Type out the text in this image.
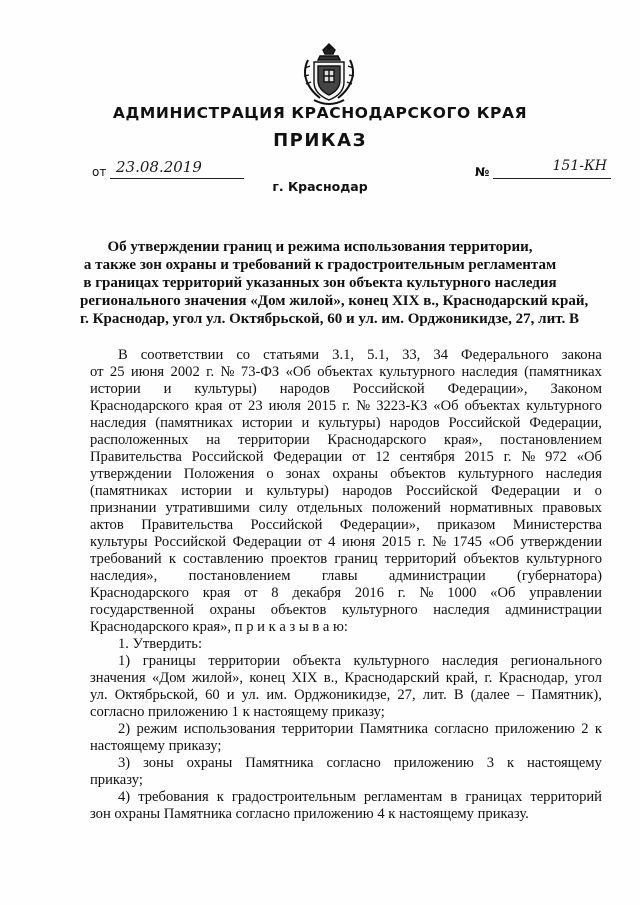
АДМИНИСТРАЦИЯ КРАСНОДАРСКОГО КРАЯ
ПРИКАЗ
от 23.08.2019	№	151-КН
г. Краснодар
Об утверждении границ и режима использования территории,
а также зон охраны и требований к градостроительным регламентам
в границах территорий указанных зон объекта культурного наследия
регионального значения «Дом жилой», конец XIX в., Краснодарский край,
г. Краснодар, угол ул. Октябрьской, 60 и ул. им. Орджоникидзе, 27, лит. В
В соответствии со статьями 3.1, 5.1, 33, 34 Федерального закона
от 25 июня 2002 г. № 73-ФЗ «Об объектах культурного наследия (памятниках
истории и культуры) народов Российской Федерации», Законом
Краснодарского края от 23 июля 2015 г. № 3223-КЗ «Об объектах культурного
наследия (памятниках истории и культуры) народов Российской Федерации,
расположенных на территории Краснодарского края», постановлением
Правительства Российской Федерации от 12 сентября 2015 г. № 972 «Об
утверждении Положения о зонах охраны объектов культурного наследия
(памятниках истории и культуры) народов Российской Федерации и о
признании утратившими силу отдельных положений нормативных правовых
актов Правительства Российской Федерации», приказом Министерства
культуры Российской Федерации от 4 июня 2015 г. № 1745 «Об утверждении
требований к составлению проектов границ территорий объектов культурного
наследия», постановлением главы администрации (губернатора)
Краснодарского края от 8 декабря 2016 г. № 1000 «Об управлении
государственной охраны объектов культурного наследия администрации
Краснодарского края», п р и к а з ы в а ю:
1. Утвердить:
1) границы территории объекта культурного наследия регионального
значения «Дом жилой», конец XIX в., Краснодарский край, г. Краснодар, угол
ул. Октябрьской, 60 и ул. им. Орджоникидзе, 27, лит. В (далее – Памятник),
согласно приложению 1 к настоящему приказу;
2) режим использования территории Памятника согласно приложению 2 к
настоящему приказу;
3) зоны охраны Памятника согласно приложению 3 к настоящему
приказу;
4) требования к градостроительным регламентам в границах территорий
зон охраны Памятника согласно приложению 4 к настоящему приказу.
